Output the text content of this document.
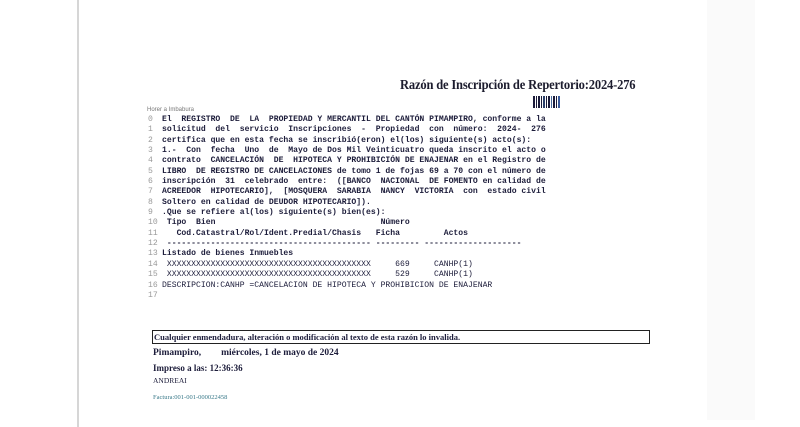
Razón de Inscripción de Repertorio:2024-276
Horer a Imbabura
0 El  REGISTRO  DE  LA  PROPIEDAD Y MERCANTIL DEL CANTÓN PIMAMPIRO, conforme a la
1 solicitud  del  servicio  Inscripciones  -  Propiedad  con  número:  2024-  276
2 certifica que en esta fecha se inscribió(eron) el(los) siguiente(s) acto(s):
3 1.-  Con  fecha  Uno  de  Mayo de Dos Mil Veinticuatro queda inscrito el acto o
4 contrato  CANCELACIÓN  DE  HIPOTECA Y PROHIBICIÓN DE ENAJENAR en el Registro de
5 LIBRO  DE REGISTRO DE CANCELACIONES de tomo 1 de fojas 69 a 70 con el número de
6 inscripción  31  celebrado  entre:  ([BANCO  NACIONAL  DE FOMENTO en calidad de
7 ACREEDOR  HIPOTECARIO],  [MOSQUERA  SARABIA  NANCY  VICTORIA  con  estado civil
8 Soltero en calidad de DEUDOR HIPOTECARIO]).
9 .Que se refiere al(los) siguiente(s) bien(es):
10 Tipo  Bien                                  Número
11   Cod.Catastral/Rol/Ident.Predial/Chasis   Ficha         Actos
12 ------------------------------------------ --------- --------------------
13 Listado de bienes Inmuebles
14 XXXXXXXXXXXXXXXXXXXXXXXXXXXXXXXXXXXXXXXXXX     669     CANHP(1)
15 XXXXXXXXXXXXXXXXXXXXXXXXXXXXXXXXXXXXXXXXXX     529     CANHP(1)
16 DESCRIPCION:CANHP =CANCELACION DE HIPOTECA Y PROHIBICION DE ENAJENAR
17
Cualquier enmendadura, alteración o modificación al texto de esta razón lo invalida.
Pimampiro, miércoles, 1 de mayo de 2024
Impreso a las: 12:36:36
ANDREAI
Factura:001-001-000022458
